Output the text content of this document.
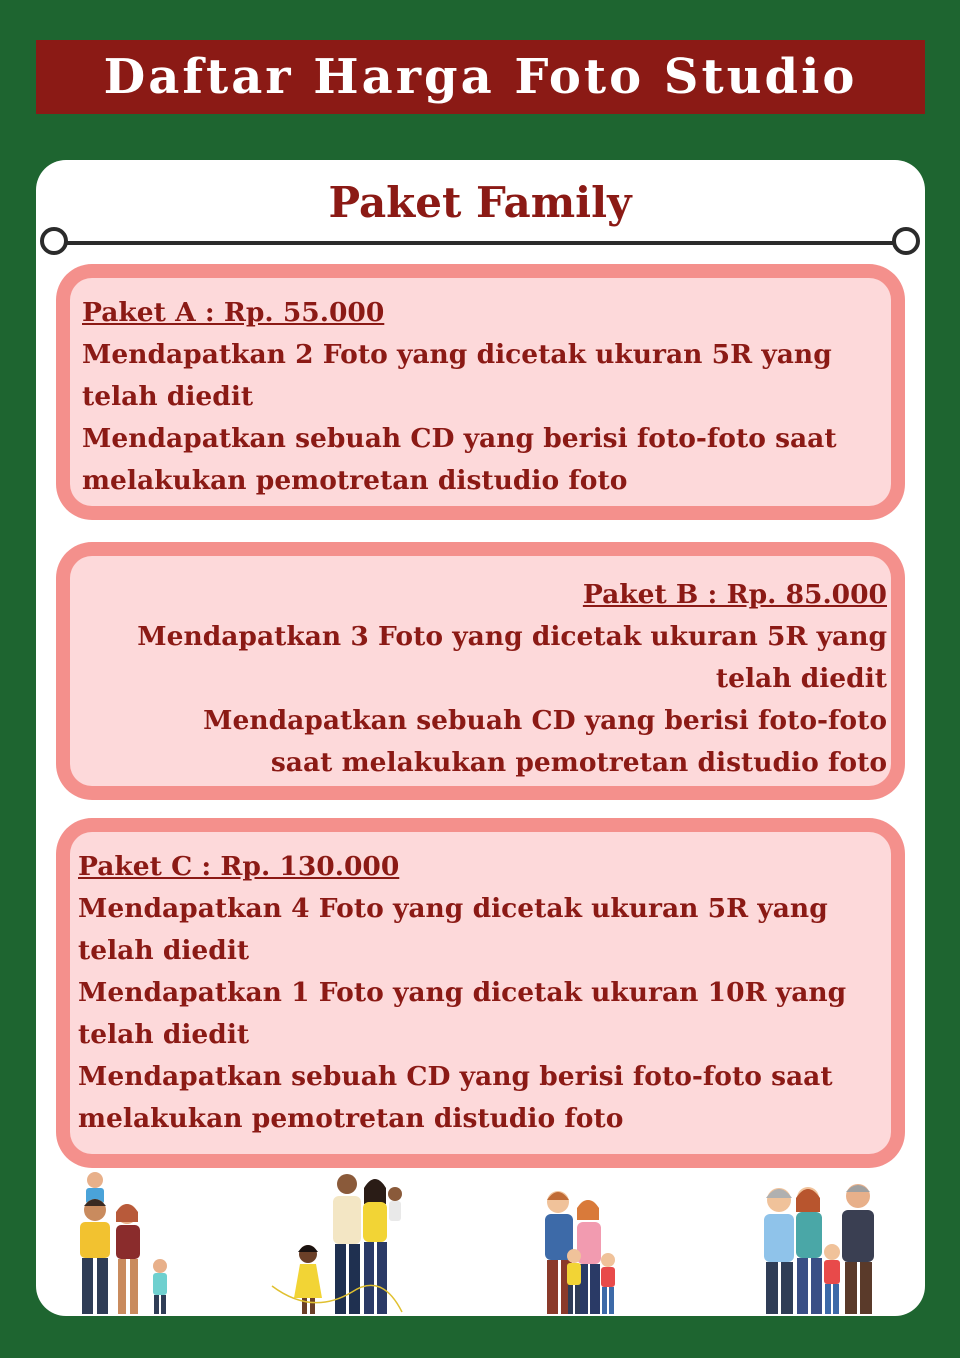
Daftar Harga Foto Studio
Paket Family
Paket A : Rp. 55.000
Mendapatkan 2 Foto yang dicetak ukuran 5R yang telah diedit
Mendapatkan sebuah CD yang berisi foto-foto saat melakukan pemotretan distudio foto
Paket B : Rp. 85.000
Mendapatkan 3 Foto yang dicetak ukuran 5R yang telah diedit
Mendapatkan sebuah CD yang berisi foto-foto saat melakukan pemotretan distudio foto
Paket C : Rp. 130.000
Mendapatkan 4 Foto yang dicetak ukuran 5R yang telah diedit
Mendapatkan 1 Foto yang dicetak ukuran 10R yang telah diedit
Mendapatkan sebuah CD yang berisi foto-foto saat melakukan pemotretan distudio foto
